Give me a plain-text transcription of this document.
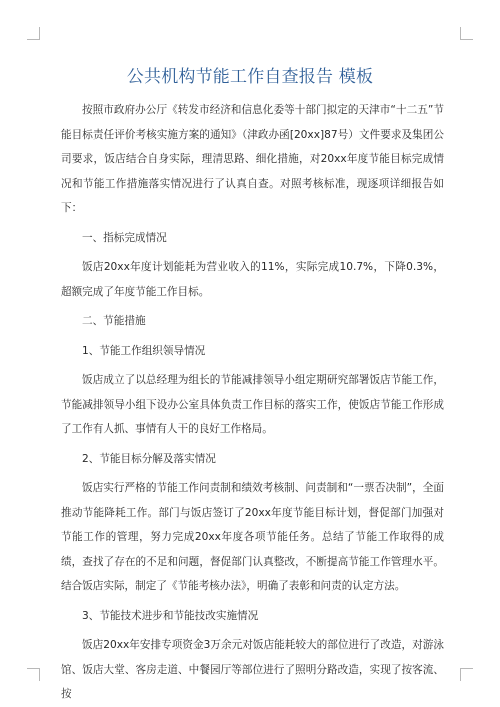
公共机构节能工作自查报告 模板

按照市政府办公厅《转发市经济和信息化委等十部门拟定的天津市“十二五”节能目标责任评价考核实施方案的通知》（津政办函[20xx]87号）文件要求及集团公司要求，饭店结合自身实际，理清思路、细化措施，对20xx年度节能目标完成情况和节能工作措施落实情况进行了认真自查。对照考核标准，现逐项详细报告如下：

一、指标完成情况

饭店20xx年度计划能耗为营业收入的11%，实际完成10.7%，下降0.3%，超额完成了年度节能工作目标。

二、节能措施

1、节能工作组织领导情况

饭店成立了以总经理为组长的节能减排领导小组定期研究部署饭店节能工作，节能减排领导小组下设办公室具体负责工作目标的落实工作，使饭店节能工作形成了工作有人抓、事情有人干的良好工作格局。

2、节能目标分解及落实情况

饭店实行严格的节能工作问责制和绩效考核制、问责制和“一票否决制”，全面推动节能降耗工作。部门与饭店签订了20xx年度节能目标计划，督促部门加强对节能工作的管理，努力完成20xx年度各项节能任务。总结了节能工作取得的成绩，查找了存在的不足和问题，督促部门认真整改，不断提高节能工作管理水平。结合饭店实际，制定了《节能考核办法》，明确了表彰和问责的认定方法。

3、节能技术进步和节能技改实施情况

饭店20xx年安排专项资金3万余元对饭店能耗较大的部位进行了改造，对游泳馆、饭店大堂、客房走道、中餐园厅等部位进行了照明分路改造，实现了按客流、按
